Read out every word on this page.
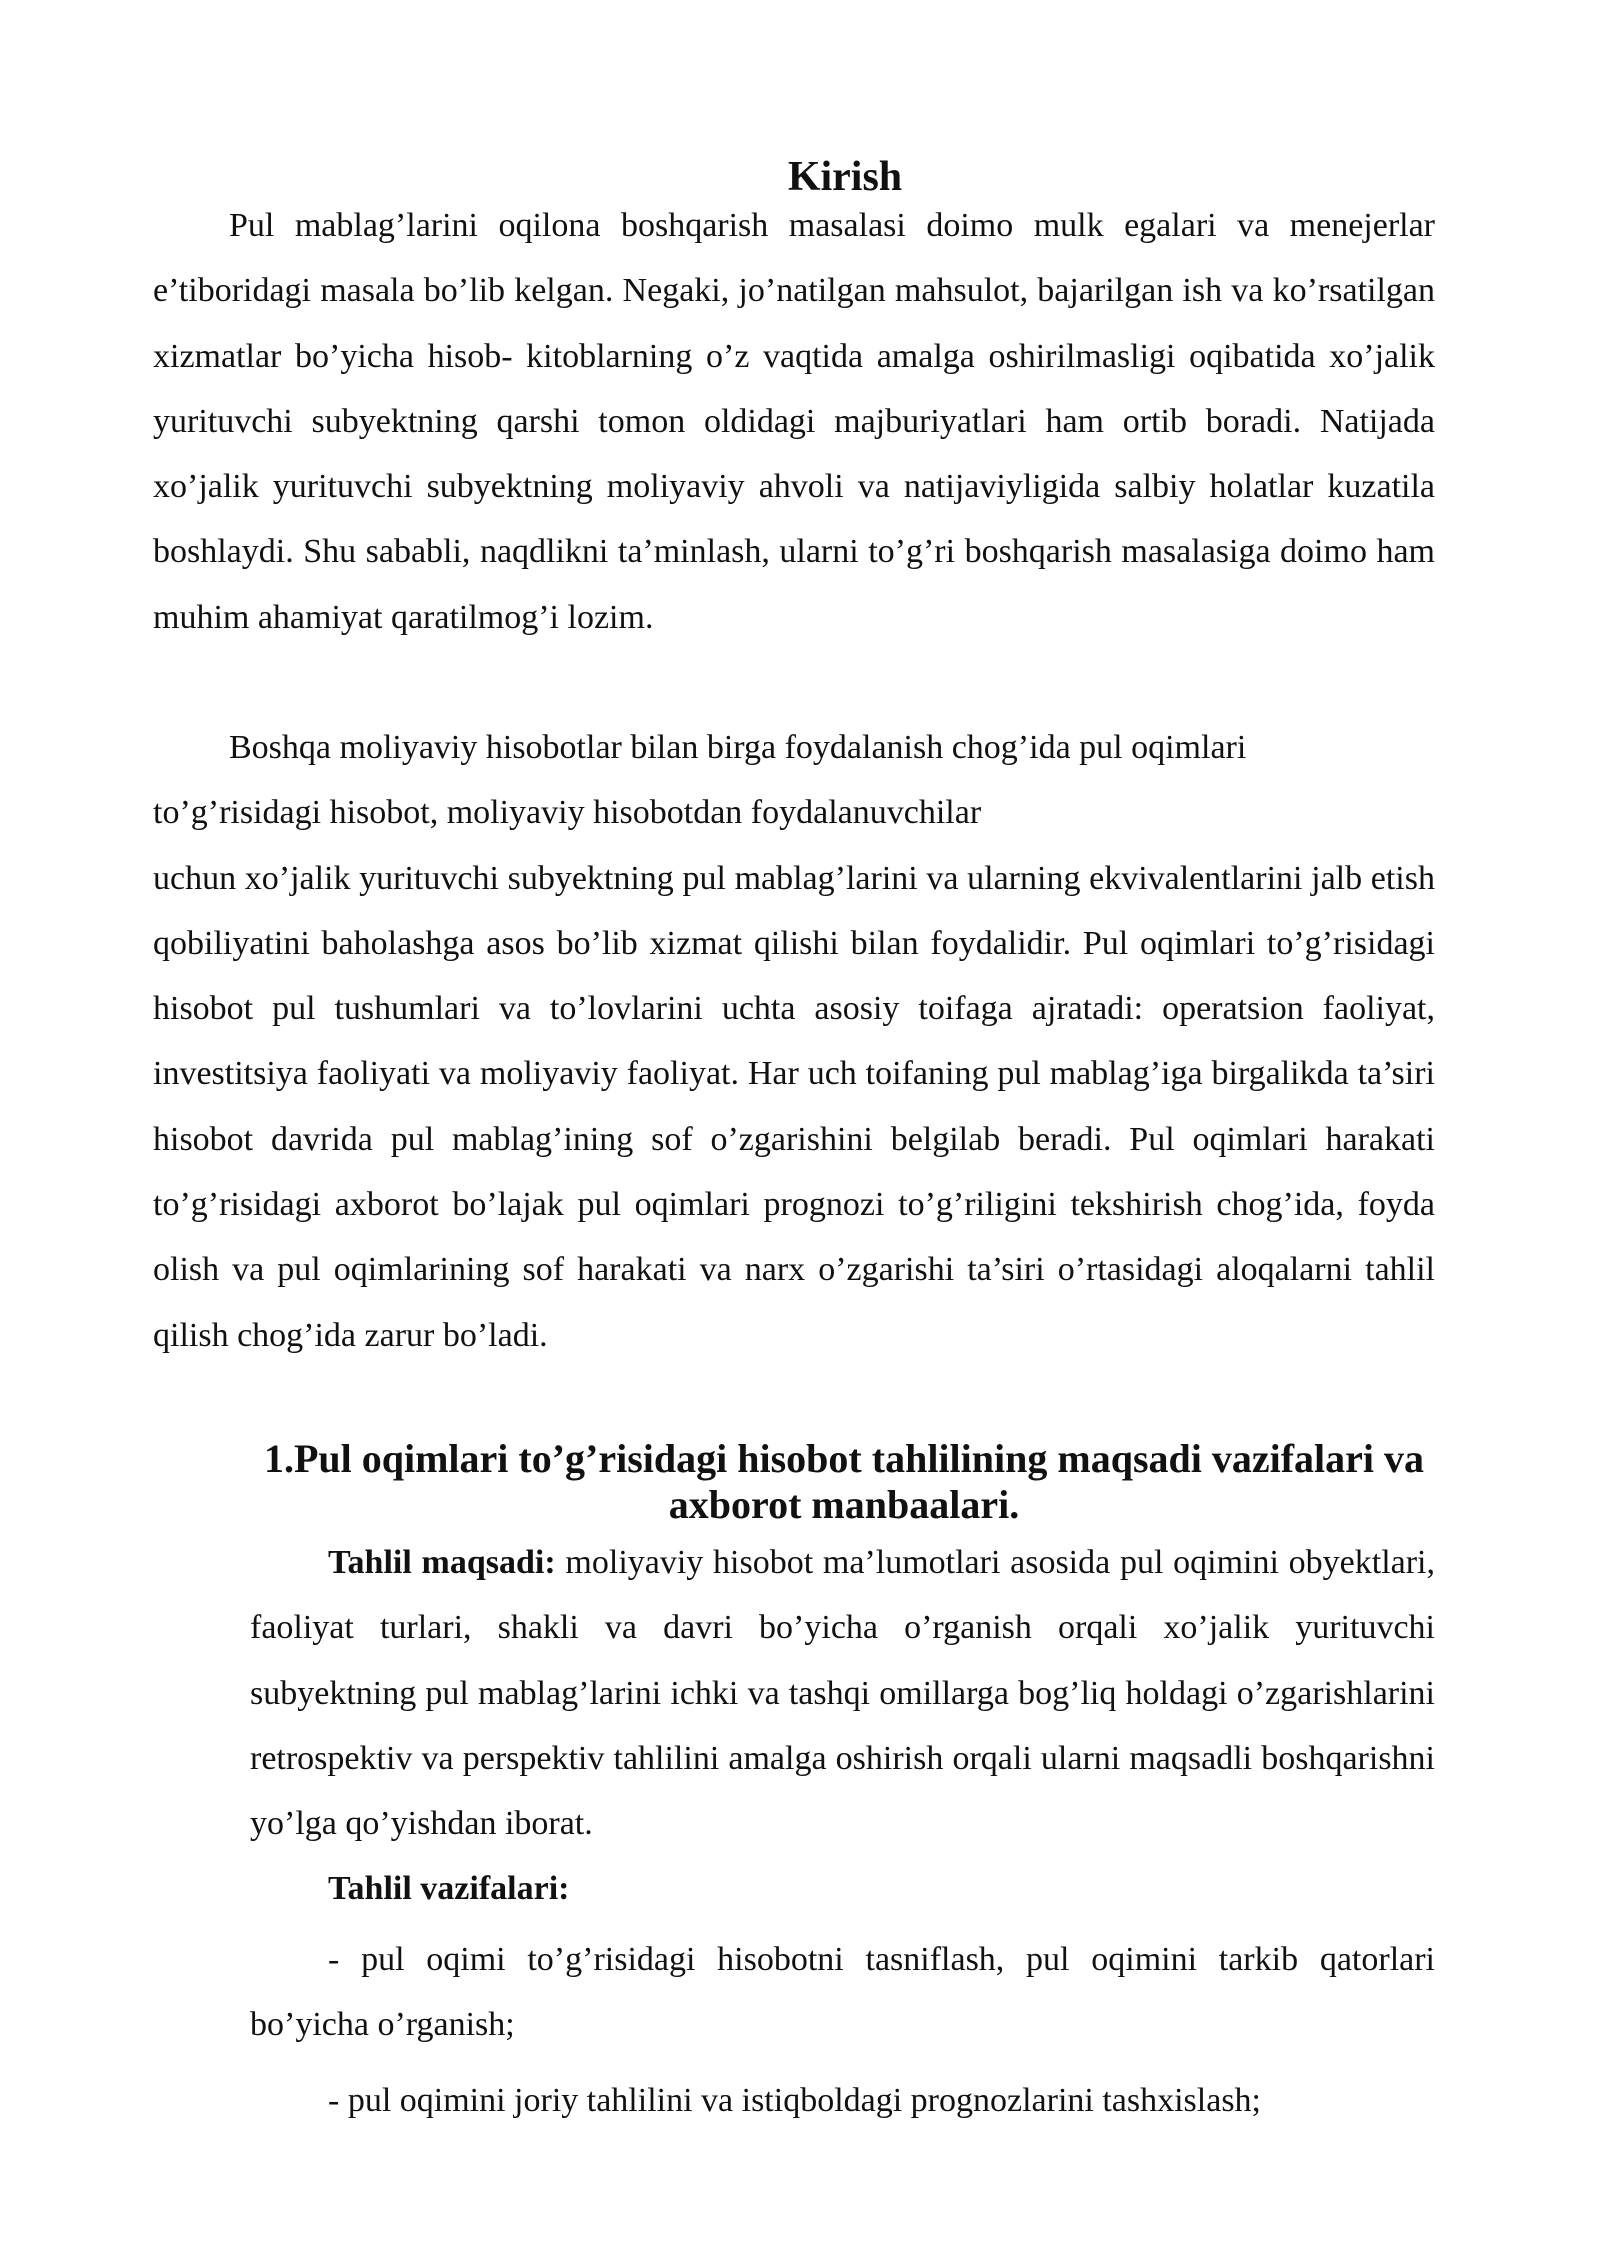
Kirish

Pul mablag’larini oqilona boshqarish masalasi doimo mulk egalari va menejerlar e’tiboridagi masala bo’lib kelgan. Negaki, jo’natilgan mahsulot, bajarilgan ish va ko’rsatilgan xizmatlar bo’yicha hisob- kitoblarning o’z vaqtida amalga oshirilmasligi oqibatida xo’jalik yurituvchi subyektning qarshi tomon oldidagi majburiyatlari ham ortib boradi. Natijada xo’jalik yurituvchi subyektning moliyaviy ahvoli va natijaviyligida salbiy holatlar kuzatila boshlaydi. Shu sababli, naqdlikni ta’minlash, ularni to’g’ri boshqarish masalasiga doimo ham muhim ahamiyat qaratilmog’i lozim.

Boshqa moliyaviy hisobotlar bilan birga foydalanish chog’ida pul oqimlari
to’g’risidagi hisobot, moliyaviy hisobotdan foydalanuvchilar
uchun xo’jalik yurituvchi subyektning pul mablag’larini va ularning ekvivalentlarini jalb etish qobiliyatini baholashga asos bo’lib xizmat qilishi bilan foydalidir. Pul oqimlari to’g’risidagi hisobot pul tushumlari va to’lovlarini uchta asosiy toifaga ajratadi: operatsion faoliyat, investitsiya faoliyati va moliyaviy faoliyat. Har uch toifaning pul mablag’iga birgalikda ta’siri hisobot davrida pul mablag’ining sof o’zgarishini belgilab beradi. Pul oqimlari harakati to’g’risidagi axborot bo’lajak pul oqimlari prognozi to’g’riligini tekshirish chog’ida, foyda olish va pul oqimlarining sof harakati va narx o’zgarishi ta’siri o’rtasidagi aloqalarni tahlil qilish chog’ida zarur bo’ladi.

1.Pul oqimlari to’g’risidagi hisobot tahlilining maqsadi vazifalari va axborot manbaalari.

Tahlil maqsadi: moliyaviy hisobot ma’lumotlari asosida pul oqimini obyektlari, faoliyat turlari, shakli va davri bo’yicha o’rganish orqali xo’jalik yurituvchi subyektning pul mablag’larini ichki va tashqi omillarga bog’liq holdagi o’zgarishlarini retrospektiv va perspektiv tahlilini amalga oshirish orqali ularni maqsadli boshqarishni yo’lga qo’yishdan iborat.

Tahlil vazifalari:

- pul oqimi to’g’risidagi hisobotni tasniflash, pul oqimini tarkib qatorlari bo’yicha o’rganish;

- pul oqimini joriy tahlilini va istiqboldagi prognozlarini tashxislash;
